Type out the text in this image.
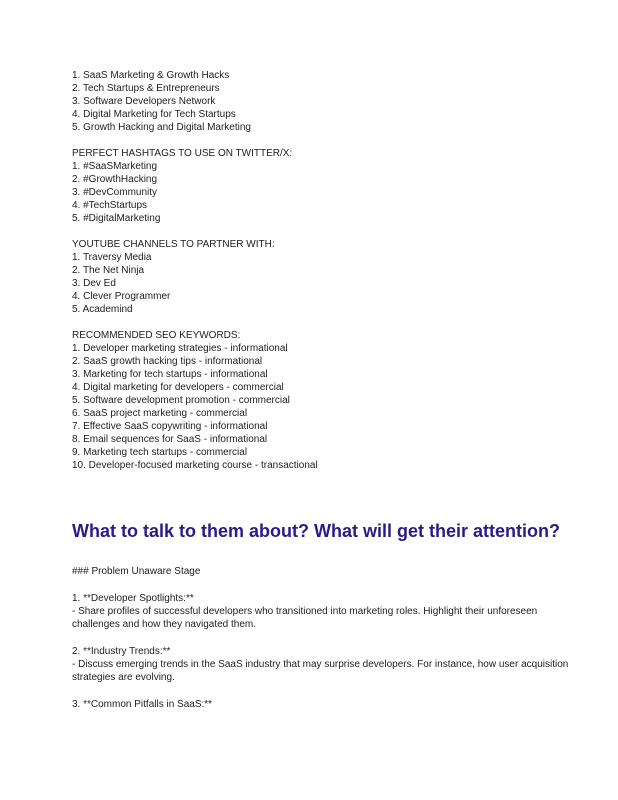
1. SaaS Marketing & Growth Hacks
2. Tech Startups & Entrepreneurs
3. Software Developers Network
4. Digital Marketing for Tech Startups
5. Growth Hacking and Digital Marketing
PERFECT HASHTAGS TO USE ON TWITTER/X:
1. #SaaSMarketing
2. #GrowthHacking
3. #DevCommunity
4. #TechStartups
5. #DigitalMarketing
YOUTUBE CHANNELS TO PARTNER WITH:
1. Traversy Media
2. The Net Ninja
3. Dev Ed
4. Clever Programmer
5. Academind
RECOMMENDED SEO KEYWORDS:
1. Developer marketing strategies - informational
2. SaaS growth hacking tips - informational
3. Marketing for tech startups - informational
4. Digital marketing for developers - commercial
5. Software development promotion - commercial
6. SaaS project marketing - commercial
7. Effective SaaS copywriting - informational
8. Email sequences for SaaS - informational
9. Marketing tech startups - commercial
10. Developer-focused marketing course - transactional
What to talk to them about? What will get their attention?
### Problem Unaware Stage
1. **Developer Spotlights:**
- Share profiles of successful developers who transitioned into marketing roles. Highlight their unforeseen challenges and how they navigated them.
2. **Industry Trends:**
- Discuss emerging trends in the SaaS industry that may surprise developers. For instance, how user acquisition strategies are evolving.
3. **Common Pitfalls in SaaS:**
